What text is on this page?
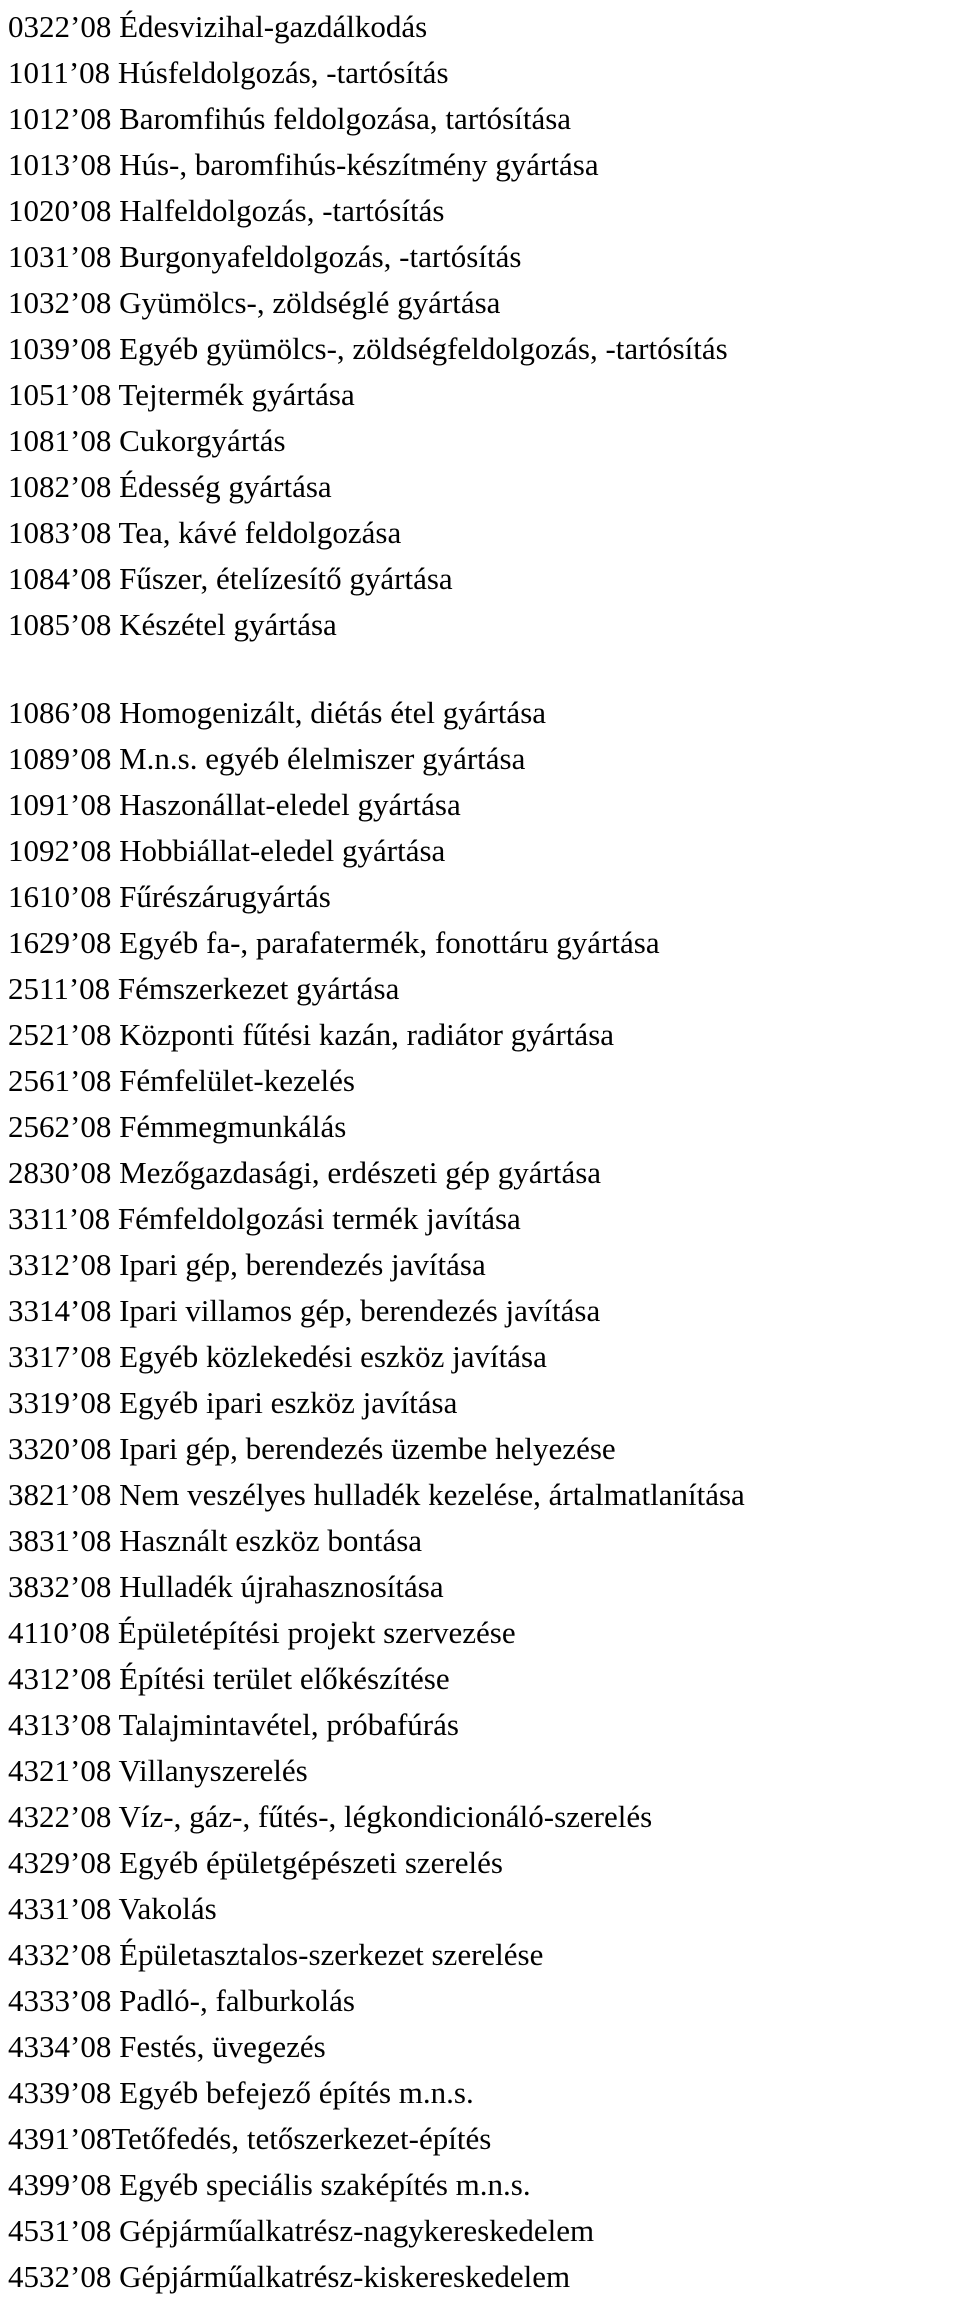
0322’08 Édesvizihal-gazdálkodás
1011’08 Húsfeldolgozás, -tartósítás
1012’08 Baromfihús feldolgozása, tartósítása
1013’08 Hús-, baromfihús-készítmény gyártása
1020’08 Halfeldolgozás, -tartósítás
1031’08 Burgonyafeldolgozás, -tartósítás
1032’08 Gyümölcs-, zöldséglé gyártása
1039’08 Egyéb gyümölcs-, zöldségfeldolgozás, -tartósítás
1051’08 Tejtermék gyártása
1081’08 Cukorgyártás
1082’08 Édesség gyártása
1083’08 Tea, kávé feldolgozása
1084’08 Fűszer, ételízesítő gyártása
1085’08 Készétel gyártása
1086’08 Homogenizált, diétás étel gyártása
1089’08 M.n.s. egyéb élelmiszer gyártása
1091’08 Haszonállat-eledel gyártása
1092’08 Hobbiállat-eledel gyártása
1610’08 Fűrészárugyártás
1629’08 Egyéb fa-, parafatermék, fonottáru gyártása
2511’08 Fémszerkezet gyártása
2521’08 Központi fűtési kazán, radiátor gyártása
2561’08 Fémfelület-kezelés
2562’08 Fémmegmunkálás
2830’08 Mezőgazdasági, erdészeti gép gyártása
3311’08 Fémfeldolgozási termék javítása
3312’08 Ipari gép, berendezés javítása
3314’08 Ipari villamos gép, berendezés javítása
3317’08 Egyéb közlekedési eszköz javítása
3319’08 Egyéb ipari eszköz javítása
3320’08 Ipari gép, berendezés üzembe helyezése
3821’08 Nem veszélyes hulladék kezelése, ártalmatlanítása
3831’08 Használt eszköz bontása
3832’08 Hulladék újrahasznosítása
4110’08 Épületépítési projekt szervezése
4312’08 Építési terület előkészítése
4313’08 Talajmintavétel, próbafúrás
4321’08 Villanyszerelés
4322’08 Víz-, gáz-, fűtés-, légkondicionáló-szerelés
4329’08 Egyéb épületgépészeti szerelés
4331’08 Vakolás
4332’08 Épületasztalos-szerkezet szerelése
4333’08 Padló-, falburkolás
4334’08 Festés, üvegezés
4339’08 Egyéb befejező építés m.n.s.
4391’08Tetőfedés, tetőszerkezet-építés
4399’08 Egyéb speciális szaképítés m.n.s.
4531’08 Gépjárműalkatrész-nagykereskedelem
4532’08 Gépjárműalkatrész-kiskereskedelem
